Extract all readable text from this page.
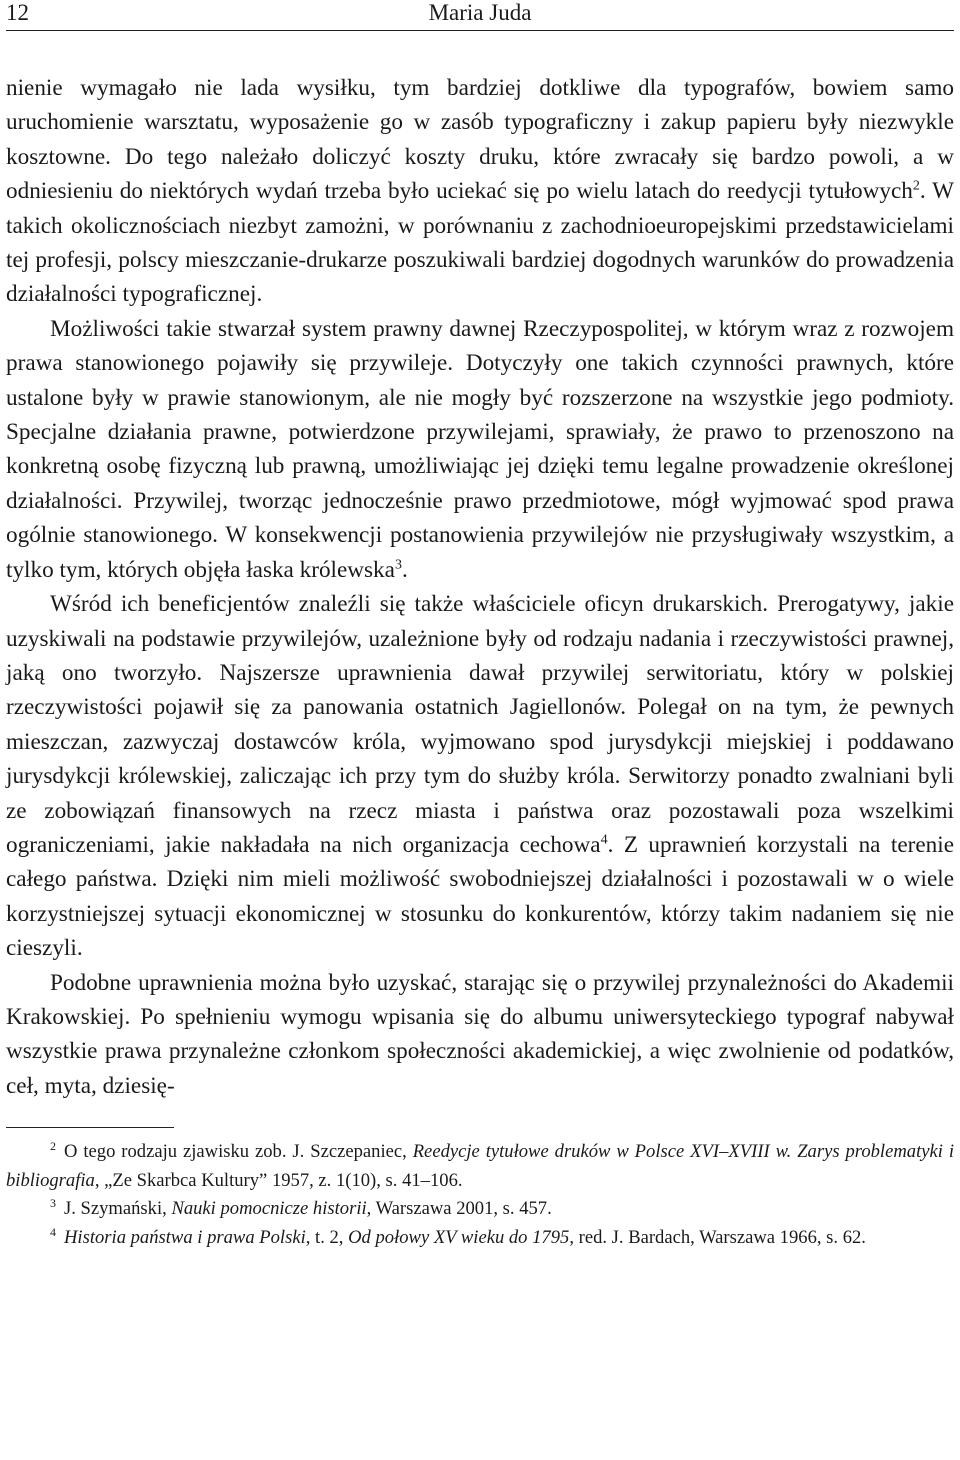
12	Maria Juda

nienie wymagało nie lada wysiłku, tym bardziej dotkliwe dla typografów, bowiem samo uruchomienie warsztatu, wyposażenie go w zasób typograficzny i zakup papieru były niezwykle kosztowne. Do tego należało doliczyć koszty druku, które zwracały się bardzo powoli, a w odniesieniu do niektórych wydań trzeba było uciekać się po wielu latach do reedycji tytułowych$^2$. W takich okolicznościach niezbyt zamożni, w porównaniu z zachodnioeuropejskimi przedstawicielami tej profesji, polscy mieszczanie-drukarze poszukiwali bardziej dogodnych warunków do prowadzenia działalności typograficznej.

Możliwości takie stwarzał system prawny dawnej Rzeczypospolitej, w którym wraz z rozwojem prawa stanowionego pojawiły się przywileje. Dotyczyły one takich czynności prawnych, które ustalone były w prawie stanowionym, ale nie mogły być rozszerzone na wszystkie jego podmioty. Specjalne działania prawne, potwierdzone przywilejami, sprawiały, że prawo to przenoszono na konkretną osobę fizyczną lub prawną, umożliwiając jej dzięki temu legalne prowadzenie określonej działalności. Przywilej, tworząc jednocześnie prawo przedmiotowe, mógł wyjmować spod prawa ogólnie stanowionego. W konsekwencji postanowienia przywilejów nie przysługiwały wszystkim, a tylko tym, których objęła łaska królewska$^3$.

Wśród ich beneficjentów znaleźli się także właściciele oficyn drukarskich. Prerogatywy, jakie uzyskiwali na podstawie przywilejów, uzależnione były od rodzaju nadania i rzeczywistości prawnej, jaką ono tworzyło. Najszersze uprawnienia dawał przywilej serwitoriatu, który w polskiej rzeczywistości pojawił się za panowania ostatnich Jagiellonów. Polegał on na tym, że pewnych mieszczan, zazwyczaj dostawców króla, wyjmowano spod jurysdykcji miejskiej i poddawano jurysdykcji królewskiej, zaliczając ich przy tym do służby króla. Serwitorzy ponadto zwalniani byli ze zobowiązań finansowych na rzecz miasta i państwa oraz pozostawali poza wszelkimi ograniczeniami, jakie nakładała na nich organizacja cechowa$^4$. Z uprawnień korzystali na terenie całego państwa. Dzięki nim mieli możliwość swobodniejszej działalności i pozostawali w o wiele korzystniejszej sytuacji ekonomicznej w stosunku do konkurentów, którzy takim nadaniem się nie cieszyli.

Podobne uprawnienia można było uzyskać, starając się o przywilej przynależności do Akademii Krakowskiej. Po spełnieniu wymogu wpisania się do albumu uniwersyteckiego typograf nabywał wszystkie prawa przynależne członkom społeczności akademickiej, a więc zwolnienie od podatków, ceł, myta, dziesię-

$^2$ O tego rodzaju zjawisku zob. J. Szczepaniec, Reedycje tytułowe druków w Polsce XVI–XVIII w. Zarys problematyki i bibliografia, „Ze Skarbca Kultury” 1957, z. 1(10), s. 41–106.

$^3$ J. Szymański, Nauki pomocnicze historii, Warszawa 2001, s. 457.

$^4$ Historia państwa i prawa Polski, t. 2, Od połowy XV wieku do 1795, red. J. Bardach, Warszawa 1966, s. 62.
